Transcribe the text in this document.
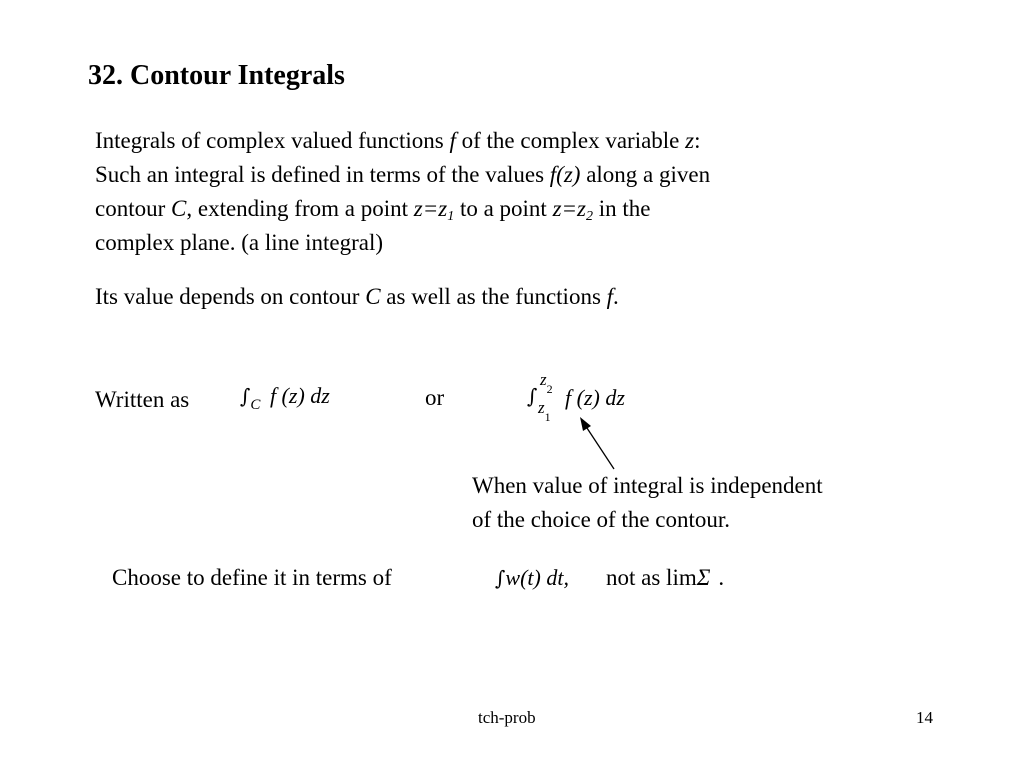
32. Contour Integrals
Integrals of complex valued functions f of the complex variable z:
Such an integral is defined in terms of the values f(z) along a given
contour C, extending from a point $z=z_1$ to a point $z=z_2$ in the
complex plane. (a line integral)
Its value depends on contour C as well as the functions f.
Written as	$\int_C$ f (z) dz	or	∫
$z_2$
$z_1$
f (z) dz
When value of integral is independent
of the choice of the contour.
Choose to define it in terms of	∫w(t) dt, not as limΣ .
tch-prob	14
